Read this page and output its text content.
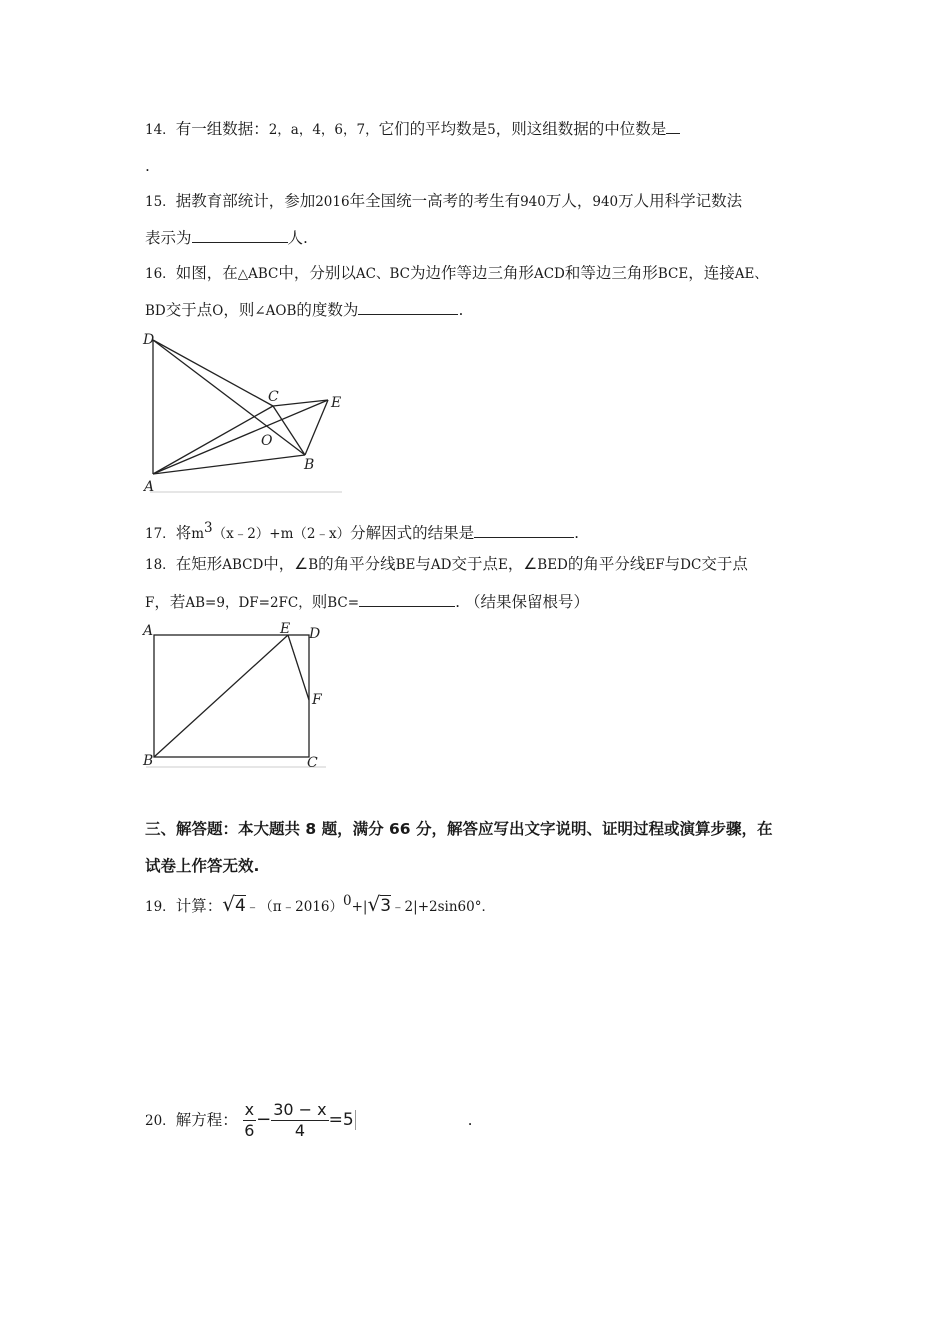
14．有一组数据：2，a，4，6，7，它们的平均数是5，则这组数据的中位数是
.
15．据教育部统计，参加2016年全国统一高考的考生有940万人，940万人用科学记数法
表示为	人.
16．如图，在△ABC中，分别以AC、BC为边作等边三角形ACD和等边三角形BCE，连接AE、
BD交于点O，则∠AOB的度数为	.
D
C	E
O
B
A
17．将$m^3(x﹣2)+m(2﹣x)$分解因式的结果是	.
18．在矩形ABCD中，∠B的角平分线BE与AD交于点E，∠BED的角平分线EF与DC交于点
F，若AB=9，DF=2FC，则BC=	. （结果保留根号）
A	E D
F
B	C
三、解答题：本大题共 8 题，满分 66 分，解答应写出文字说明、证明过程或演算步骤，在
试卷上作答无效.
19．计算：√4﹣（π﹣2016）$^0$+|√3﹣2|+2sin60°．
20．解方程： $\frac{x}{6} - \frac{30 - x}{4} =5$	.
